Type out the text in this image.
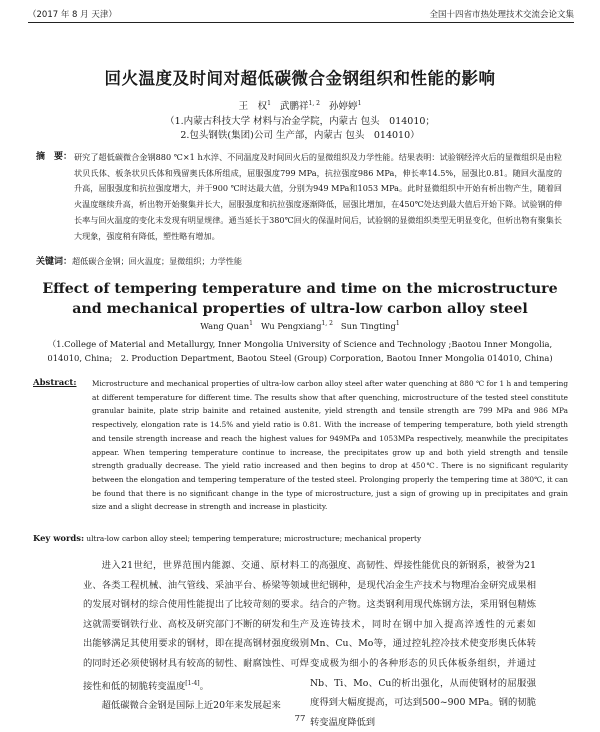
（2017 年 8 月 天津）	全国十四省市热处理技术交流会论文集
回火温度及时间对超低碳微合金钢组织和性能的影响
王　权$^1$ 武鹏祥$^{1, 2}$ 孙婷婷$^1$
（1.内蒙古科技大学 材料与冶金学院，内蒙古 包头　014010；
2.包头钢铁(集团)公司 生产部，内蒙古 包头　014010）
摘　要： 研究了超低碳微合金钢880 ℃×1 h水淬、不同温度及时间回火后的显微组织及力学性能。结果表明：试验钢经淬火后的显微组织是由粒状贝氏体、板条状贝氏体和残留奥氏体所组成，屈服强度799 MPa，抗拉强度986 MPa，伸长率14.5%，屈强比0.81。随回火温度的升高，屈服强度和抗拉强度增大，并于900 ℃时达最大值，分别为949 MPa和1053 MPa。此时显微组织中开始有析出物产生，随着回火温度继续升高，析出物开始聚集并长大，屈服强度和抗拉强度逐渐降低，屈强比增加，在450℃处达到最大值后开始下降。试验钢的伸长率与回火温度的变化未发现有明显规律。通当延长于380℃回火的保温时间后，试验钢的显微组织类型无明显变化，但析出物有聚集长大现象，强度稍有降低，塑性略有增加。
关键词：超低碳合金钢；回火温度；显微组织；力学性能
Effect of tempering temperature and time on the microstructure and mechanical properties of ultra-low carbon alloy steel
Wang Quan$^1$ Wu Pengxiang$^{1, 2}$ Sun Tingting$^1$
（1.College of Material and Metallurgy, Inner Mongolia University of Science and Technology ;Baotou Inner Mongolia,
014010, China;　2. Production Department, Baotou Steel (Group) Corporation, Baotou Inner Mongolia 014010, China)
Abstract:	Microstructure and mechanical properties of ultra-low carbon alloy steel after water quenching at 880 ℃ for 1 h and tempering at different temperature for different time. The results show that after quenching, microstructure of the tested steel constitute granular bainite, plate strip bainite and retained austenite, yield strength and tensile strength are 799 MPa and 986 MPa respectively, elongation rate is 14.5% and yield ratio is 0.81. With the increase of tempering temperature, both yield strength and tensile strength increase and reach the highest values for 949MPa and 1053MPa respectively, meanwhile the precipitates appear. When tempering temperature continue to increase, the precipitates grow up and both yield strength and tensile strength gradually decrease. The yield ratio increased and then begins to drop at 450℃. There is no significant regularity between the elongation and tempering temperature of the tested steel. Prolonging properly the tempering time at 380℃, it can be found that there is no significant change in the type of microstructure, just a sign of growing up in precipitates and grain size and a slight decrease in strength and increase in plasticity.
Key words: ultra-low carbon alloy steel; tempering temperature; microstructure; mechanical property

进入21世纪，世界范围内能源、交通、原材料工业、各类工程机械、油气管线、采油平台、桥梁等领域的发展对钢材的综合使用性能提出了比较苛刻的要求。这就需要钢铁行业、高校及研究部门不断的研发和生产出能够满足其使用要求的钢材，即在提高钢材强度级别的同时还必须使钢材具有较高的韧性、耐腐蚀性、可焊接性和低的韧脆转变温度[1-4]。

超低碳微合金钢是国际上近20年来发展起来

的高强度、高韧性、焊接性能优良的新钢系，被誉为21世纪钢种，是现代冶金生产技术与物理冶金研究成果相结合的产物。这类钢利用现代炼钢方法，采用钢包精炼及连铸技术，同时在钢中加入提高淬透性的元素如Mn、Cu、Mo等，通过控轧控冷技术使变形奥氏体转变成极为细小的各种形态的贝氏体板条组织，并通过Nb、Ti、Mo、Cu的析出强化，从而使钢材的屈服强度得到大幅度提高，可达到500~900 MPa。钢的韧脆转变温度降低到

77
